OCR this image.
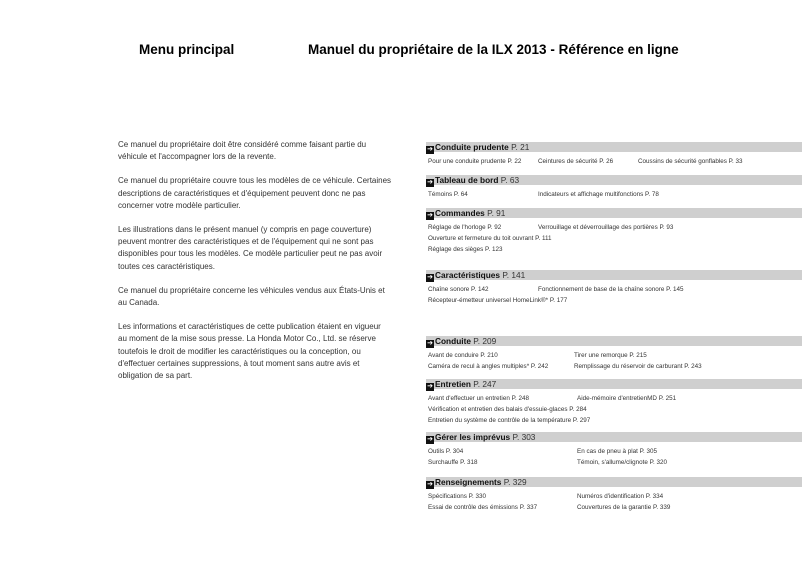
Menu principal	Manuel du propriétaire de la ILX 2013 - Référence en ligne
Ce manuel du propriétaire doit être considéré comme faisant partie du
véhicule et l'accompagner lors de la revente.
Ce manuel du propriétaire couvre tous les modèles de ce véhicule. Certaines
descriptions de caractéristiques et d'équipement peuvent donc ne pas
concerner votre modèle particulier.
Les illustrations dans le présent manuel (y compris en page couverture)
peuvent montrer des caractéristiques et de l'équipement qui ne sont pas
disponibles pour tous les modèles. Ce modèle particulier peut ne pas avoir
toutes ces caractéristiques.
Ce manuel du propriétaire concerne les véhicules vendus aux États-Unis et
au Canada.
Les informations et caractéristiques de cette publication étaient en vigueur
au moment de la mise sous presse. La Honda Motor Co., Ltd. se réserve
toutefois le droit de modifier les caractéristiques ou la conception, ou
d'effectuer certaines suppressions, à tout moment sans autre avis et
obligation de sa part.
➔ Conduite prudente P. 21
Pour une conduite prudente P. 22	Ceintures de sécurité P. 26	Coussins de sécurité gonflables P. 33
➔ Tableau de bord P. 63
Témoins P. 64	Indicateurs et affichage multifonctions P. 78
➔ Commandes P. 91
Réglage de l'horloge P. 92	Verrouillage et déverrouillage des portières P. 93
Ouverture et fermeture du toit ouvrant P. 111
Réglage des sièges P. 123
➔ Caractéristiques P. 141
Chaîne sonore P. 142	Fonctionnement de base de la chaîne sonore P. 145
Récepteur-émetteur universel HomeLink®* P. 177
➔ Conduite P. 209
Avant de conduire P. 210	Tirer une remorque P. 215
Caméra de recul à angles multiples* P. 242	Remplissage du réservoir de carburant P. 243
➔ Entretien P. 247
Avant d'effectuer un entretien P. 248	Aide-mémoire d'entretienMD P. 251
Vérification et entretien des balais d'essuie-glaces P. 284
Entretien du système de contrôle de la température P. 297
➔ Gérer les imprévus P. 303
Outils P. 304	En cas de pneu à plat P. 305
Surchauffe P. 318	Témoin, s'allume/clignote P. 320
➔ Renseignements P. 329
Spécifications P. 330	Numéros d'identification P. 334
Essai de contrôle des émissions P. 337	Couvertures de la garantie P. 339
